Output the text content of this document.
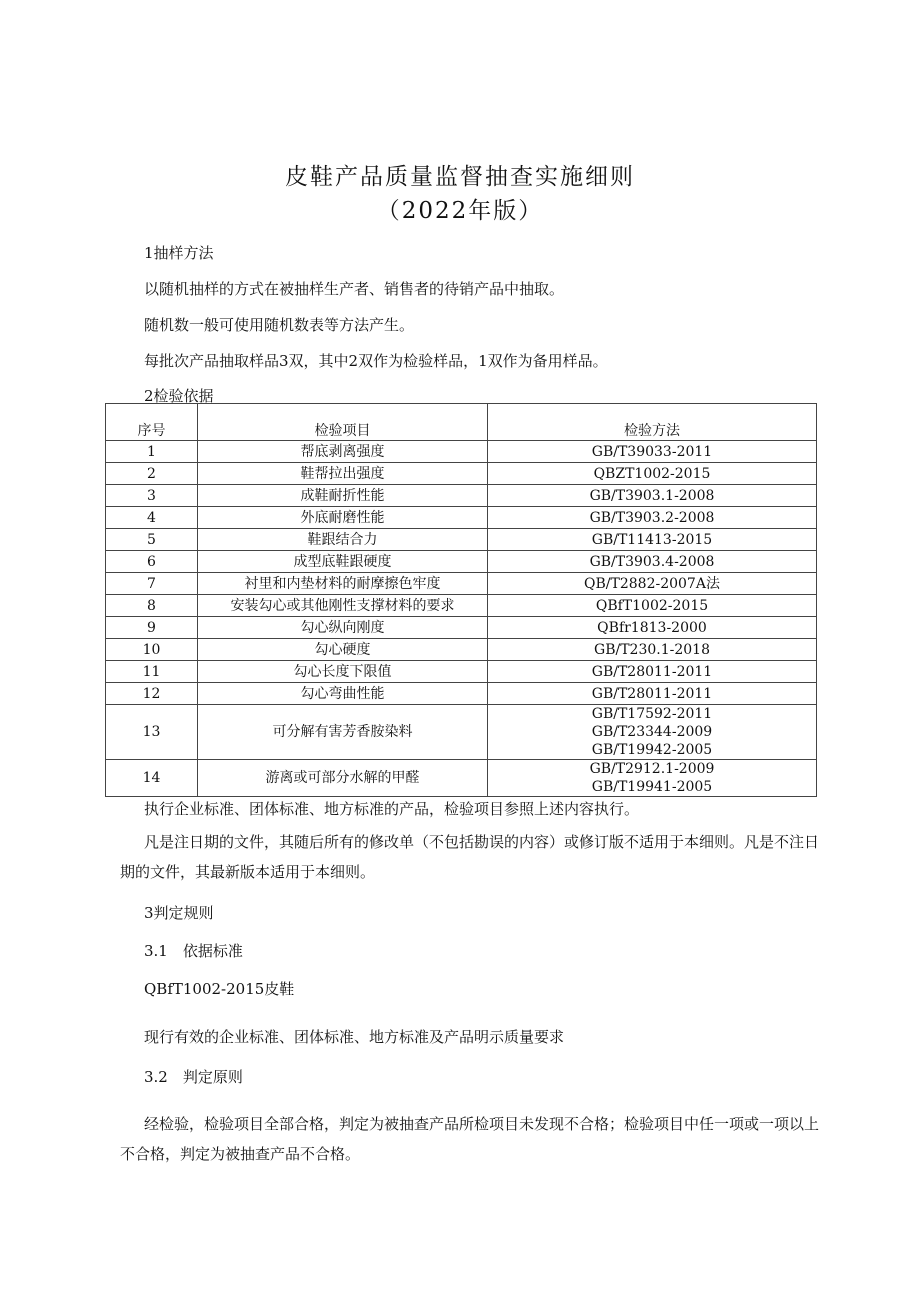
皮鞋产品质量监督抽查实施细则
（2022年版）
1抽样方法
以随机抽样的方式在被抽样生产者、销售者的待销产品中抽取。
随机数一般可使用随机数表等方法产生。
每批次产品抽取样品3双，其中2双作为检验样品，1双作为备用样品。
2检验依据
序号	检验项目	检验方法
1	帮底剥离强度	GB/T39033-2011
2	鞋帮拉出强度	QBZT1002-2015
3	成鞋耐折性能	GB/T3903.1-2008
4	外底耐磨性能	GB/T3903.2-2008
5	鞋跟结合力	GB/T11413-2015
6	成型底鞋跟硬度	GB/T3903.4-2008
7	衬里和内垫材料的耐摩擦色牢度	QB/T2882-2007A法
8	安装勾心或其他刚性支撑材料的要求	QBfT1002-2015
9	勾心纵向刚度	QBfr1813-2000
10	勾心硬度	GB/T230.1-2018
11	勾心长度下限值	GB/T28011-2011
12	勾心弯曲性能	GB/T28011-2011
13	可分解有害芳香胺染料	GB/T17592-2011
GB/T23344-2009
GB/T19942-2005

14	游离或可部分水解的甲醛	GB/T2912.1-2009
GB/T19941-2005
执行企业标准、团体标准、地方标准的产品，检验项目参照上述内容执行。
凡是注日期的文件，其随后所有的修改单（不包括勘误的内容）或修订版不适用于本细则。凡是不注日期的文件，其最新版本适用于本细则。
3判定规则
3.1　依据标准
QBfT1002-2015皮鞋
现行有效的企业标准、团体标准、地方标准及产品明示质量要求
3.2　判定原则
经检验，检验项目全部合格，判定为被抽查产品所检项目未发现不合格；检验项目中任一项或一项以上不合格，判定为被抽查产品不合格。
